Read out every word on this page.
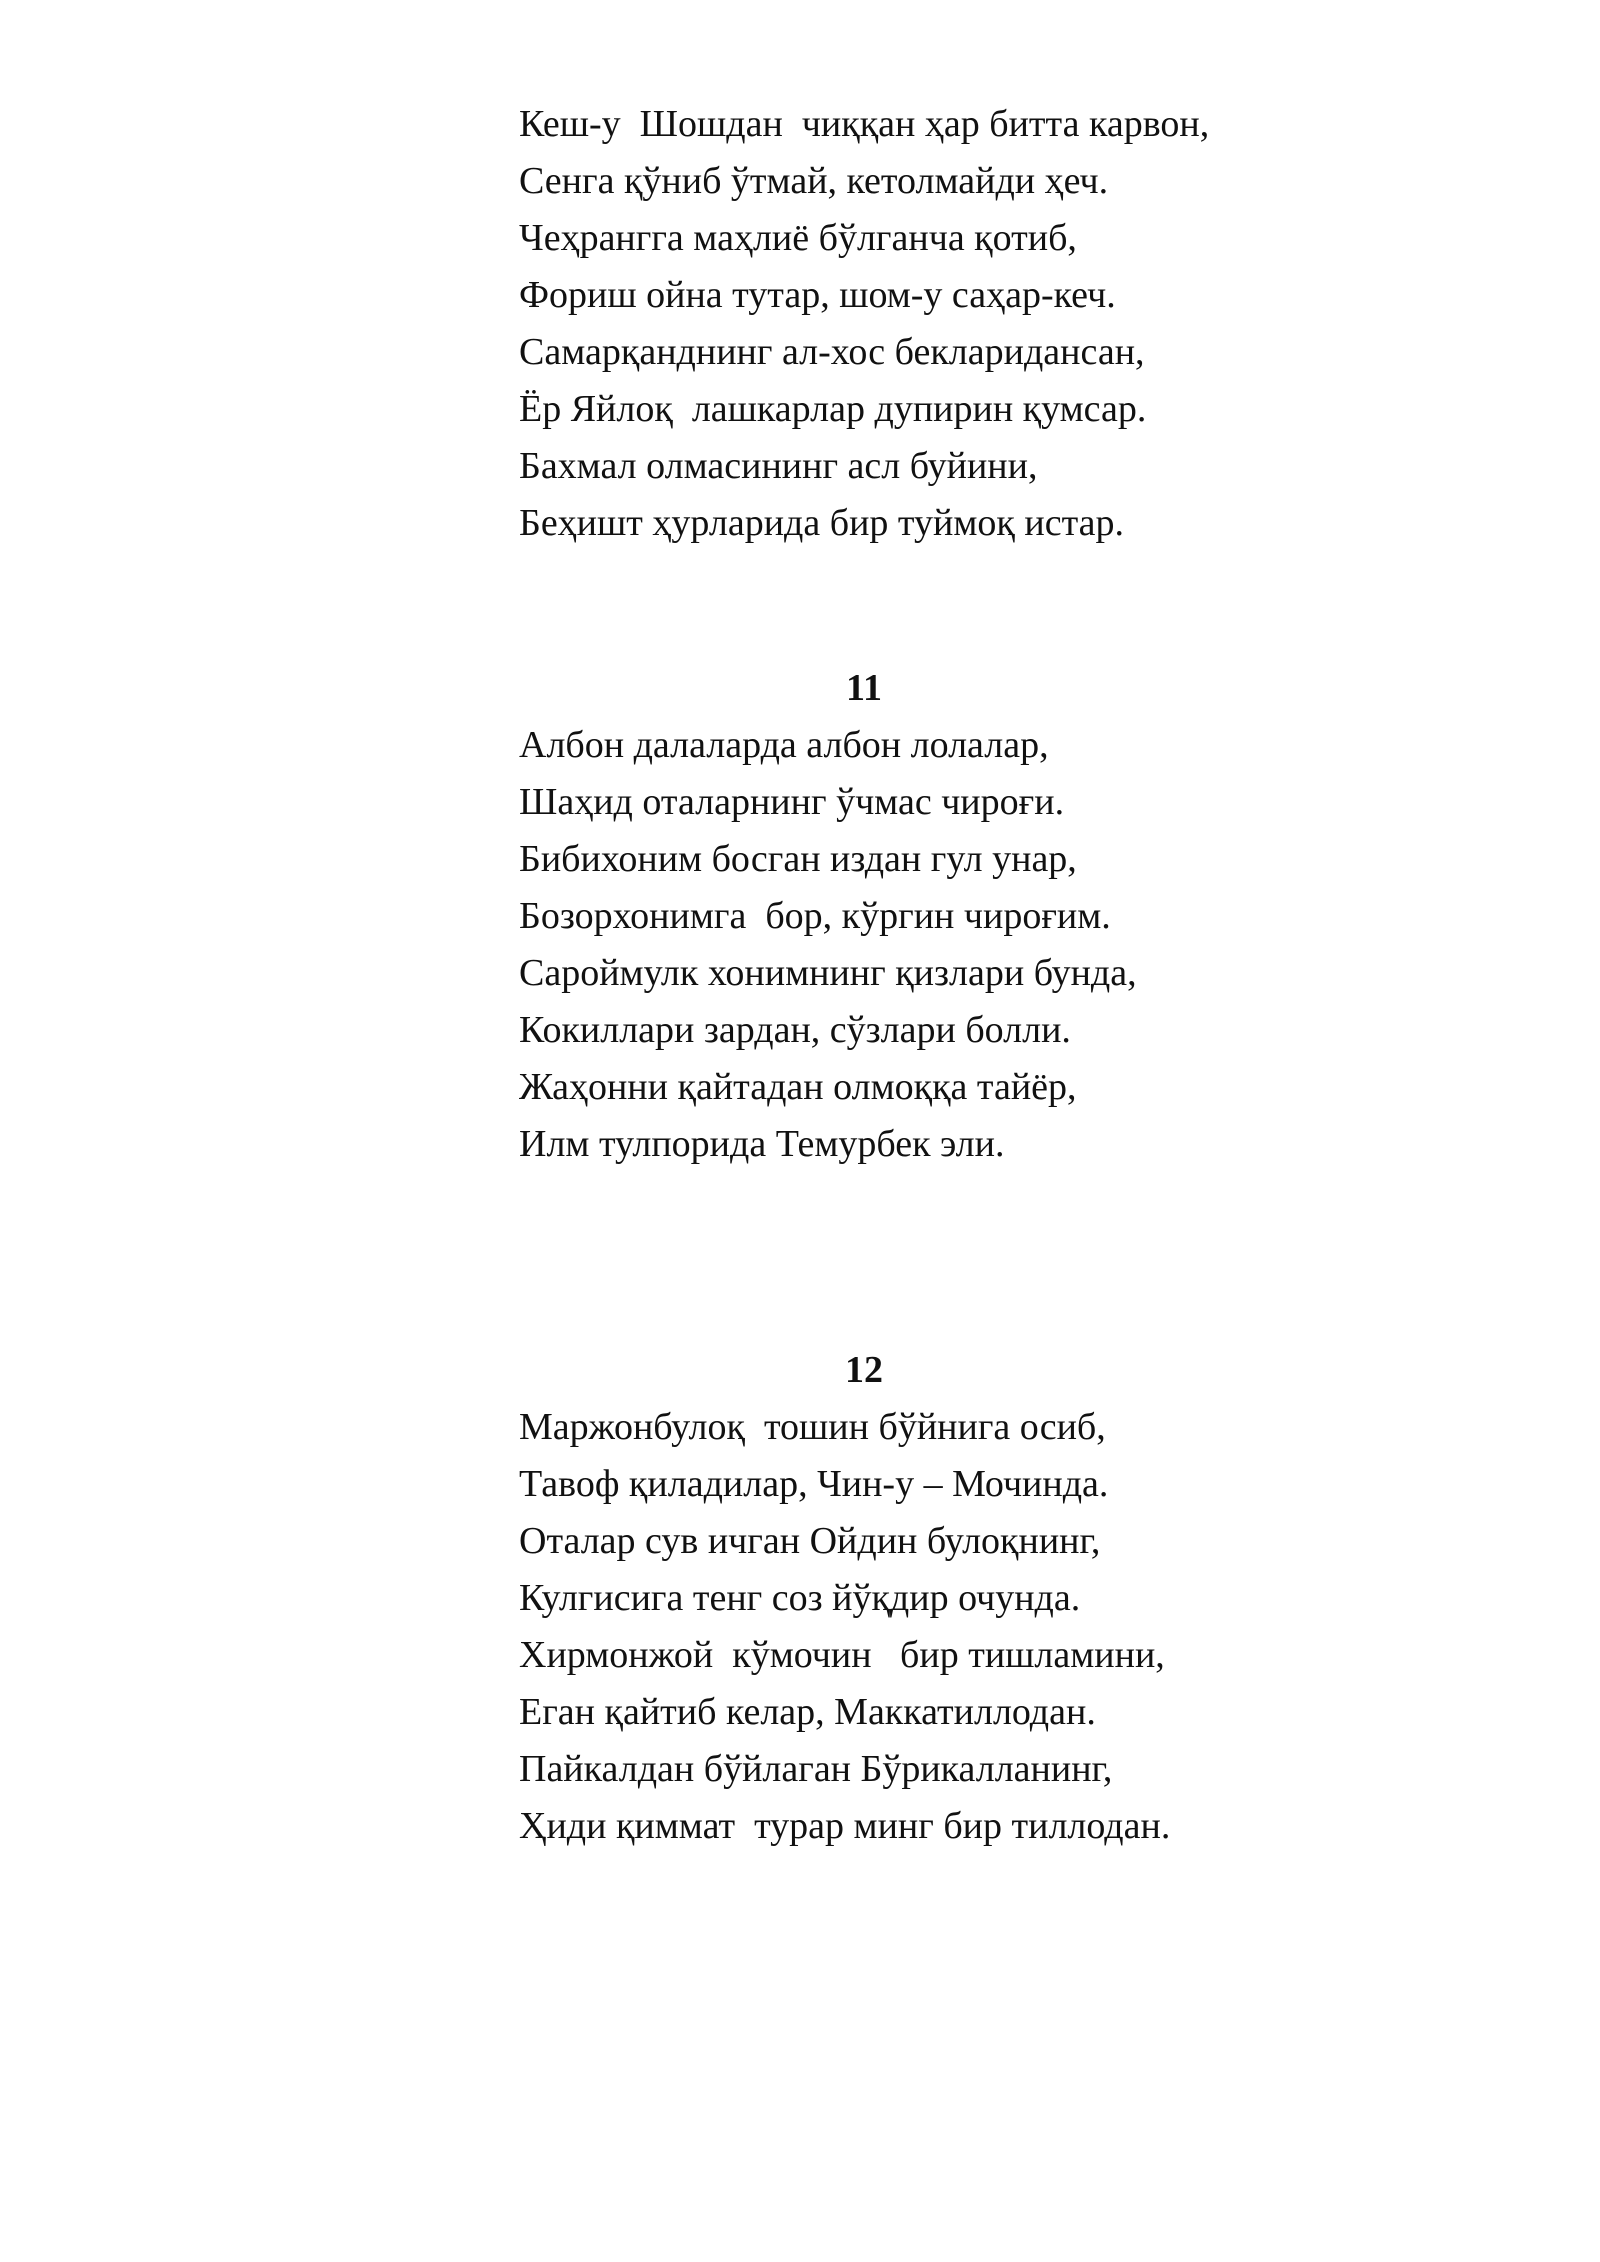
Кеш-у  Шошдан  чиққан ҳар битта карвон,
Сенга қўниб ўтмай, кетолмайди ҳеч.
Чеҳрангга маҳлиё бўлганча қотиб,
Фориш ойна тутар, шом-у саҳар-кеч.
Самарқанднинг ал-хос бекларидансан,
Ёр Яйлоқ  лашкарлар дупирин қумсар.
Бахмал олмасининг асл буйини,
Беҳишт ҳурларида бир туймоқ истар.
11
Албон далаларда албон лолалар,
Шаҳид оталарнинг ўчмас чироғи.
Бибихоним босган издан гул унар,
Бозорхонимга  бор, кўргин чироғим.
Сароймулк хонимнинг қизлари бунда,
Кокиллари зардан, сўзлари болли.
Жаҳонни қайтадан олмоққа тайёр,
Илм тулпорида Темурбек эли.
12
Маржонбулоқ  тошин бўйнига осиб,
Тавоф қиладилар, Чин-у – Мочинда.
Оталар сув ичган Ойдин булоқнинг,
Кулгисига тенг соз йўқдир очунда.
Хирмонжой  кўмочин   бир тишламини,
Еган қайтиб келар, Маккатиллодан.
Пайкалдан бўйлаган Бўрикалланинг,
Ҳиди қиммат  турар минг бир тиллодан.
